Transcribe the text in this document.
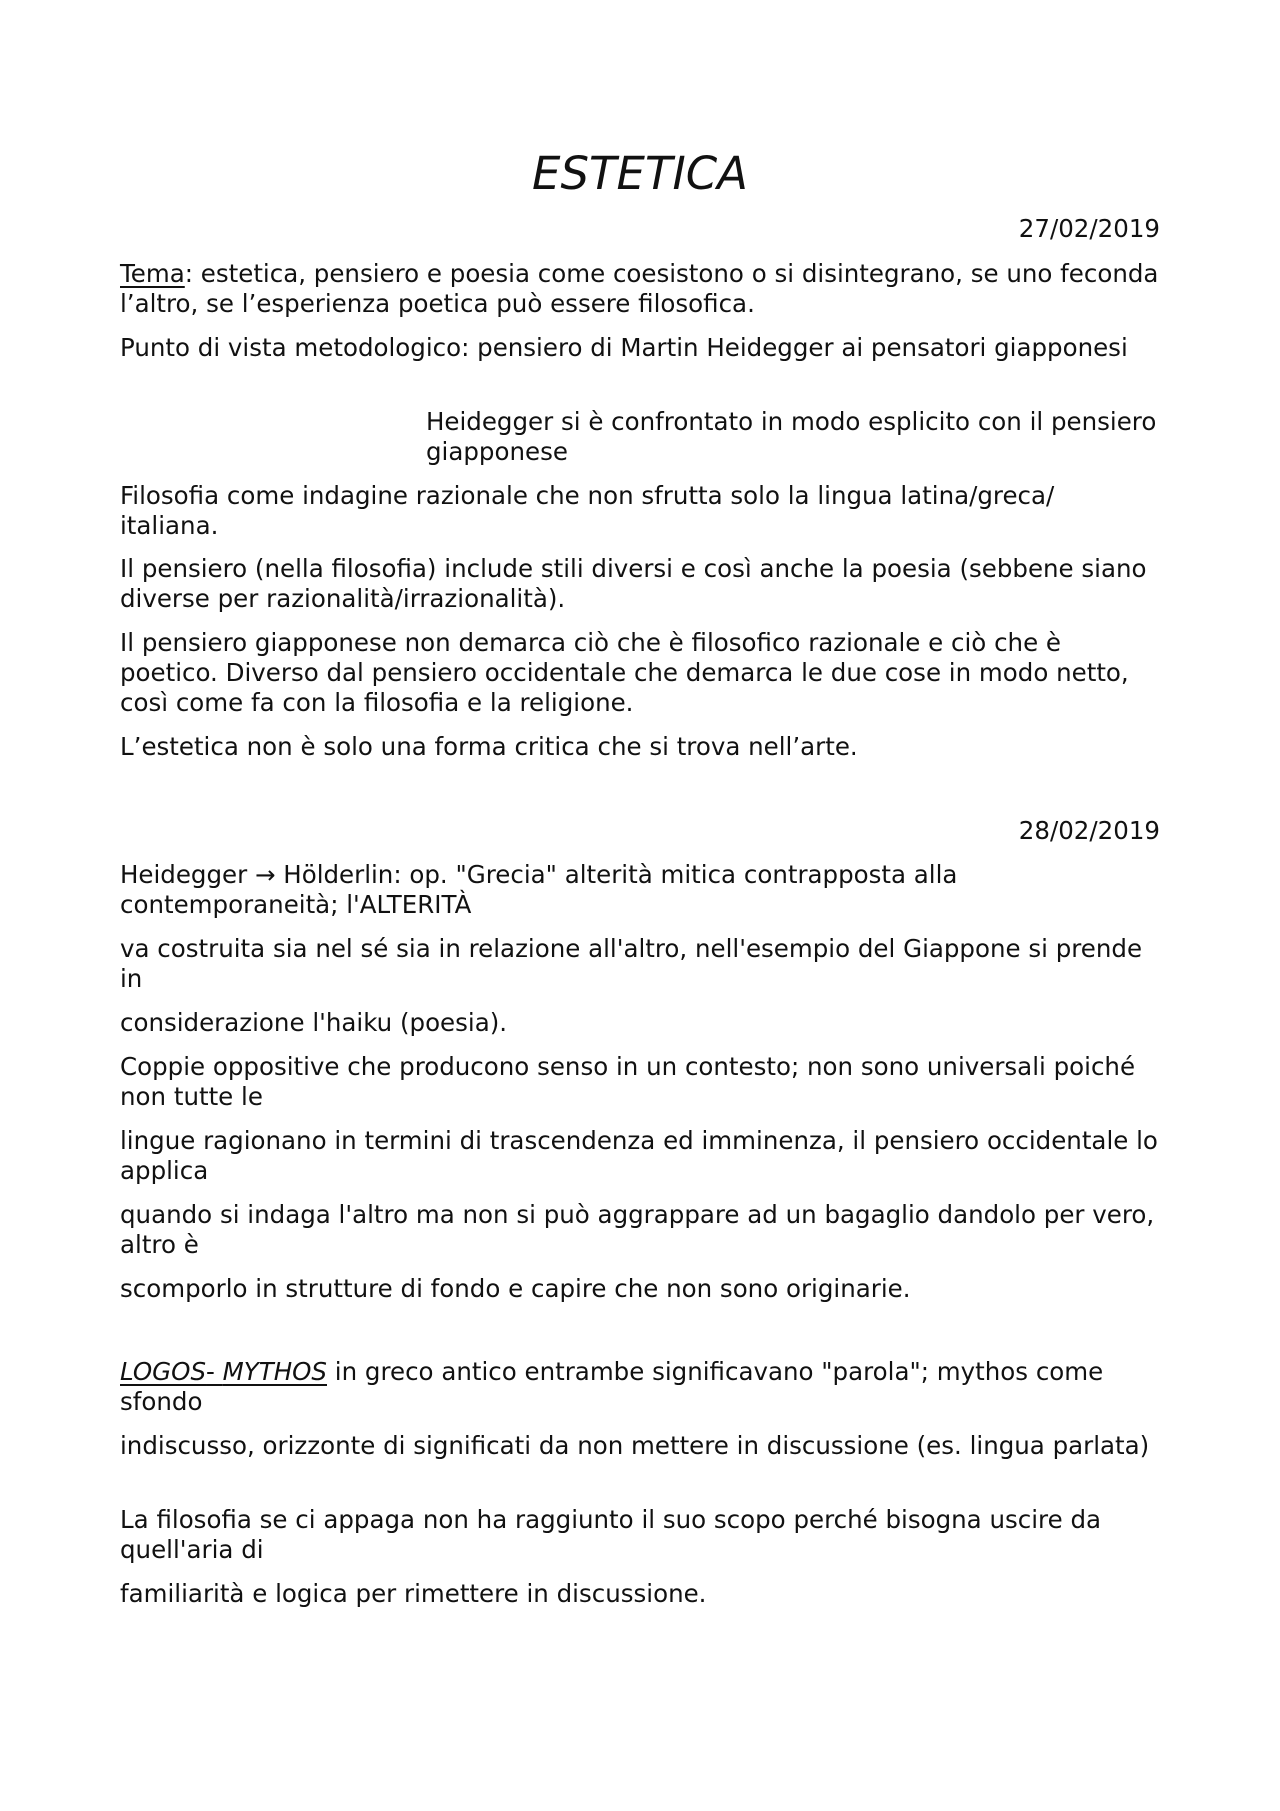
ESTETICA

27/02/2019

Tema: estetica, pensiero e poesia come coesistono o si disintegrano, se uno feconda l’altro, se l’esperienza poetica può essere filosofica.

Punto di vista metodologico: pensiero di Martin Heidegger ai pensatori giapponesi

Heidegger si è confrontato in modo esplicito con il pensiero giapponese

Filosofia come indagine razionale che non sfrutta solo la lingua latina/greca/ italiana.

Il pensiero (nella filosofia) include stili diversi e così anche la poesia (sebbene siano diverse per razionalità/irrazionalità).

Il pensiero giapponese non demarca ciò che è filosofico razionale e ciò che è poetico. Diverso dal pensiero occidentale che demarca le due cose in modo netto, così come fa con la filosofia e la religione.

L’estetica non è solo una forma critica che si trova nell’arte.

28/02/2019

Heidegger → Hölderlin: op. "Grecia" alterità mitica contrapposta alla contemporaneità; l'ALTERITÀ

va costruita sia nel sé sia in relazione all'altro, nell'esempio del Giappone si prende in

considerazione l'haiku (poesia).

Coppie oppositive che producono senso in un contesto; non sono universali poiché non tutte le

lingue ragionano in termini di trascendenza ed imminenza, il pensiero occidentale lo applica

quando si indaga l'altro ma non si può aggrappare ad un bagaglio dandolo per vero, altro è

scomporlo in strutture di fondo e capire che non sono originarie.

LOGOS- MYTHOS in greco antico entrambe significavano "parola"; mythos come sfondo

indiscusso, orizzonte di significati da non mettere in discussione (es. lingua parlata)

La filosofia se ci appaga non ha raggiunto il suo scopo perché bisogna uscire da quell'aria di

familiarità e logica per rimettere in discussione.
